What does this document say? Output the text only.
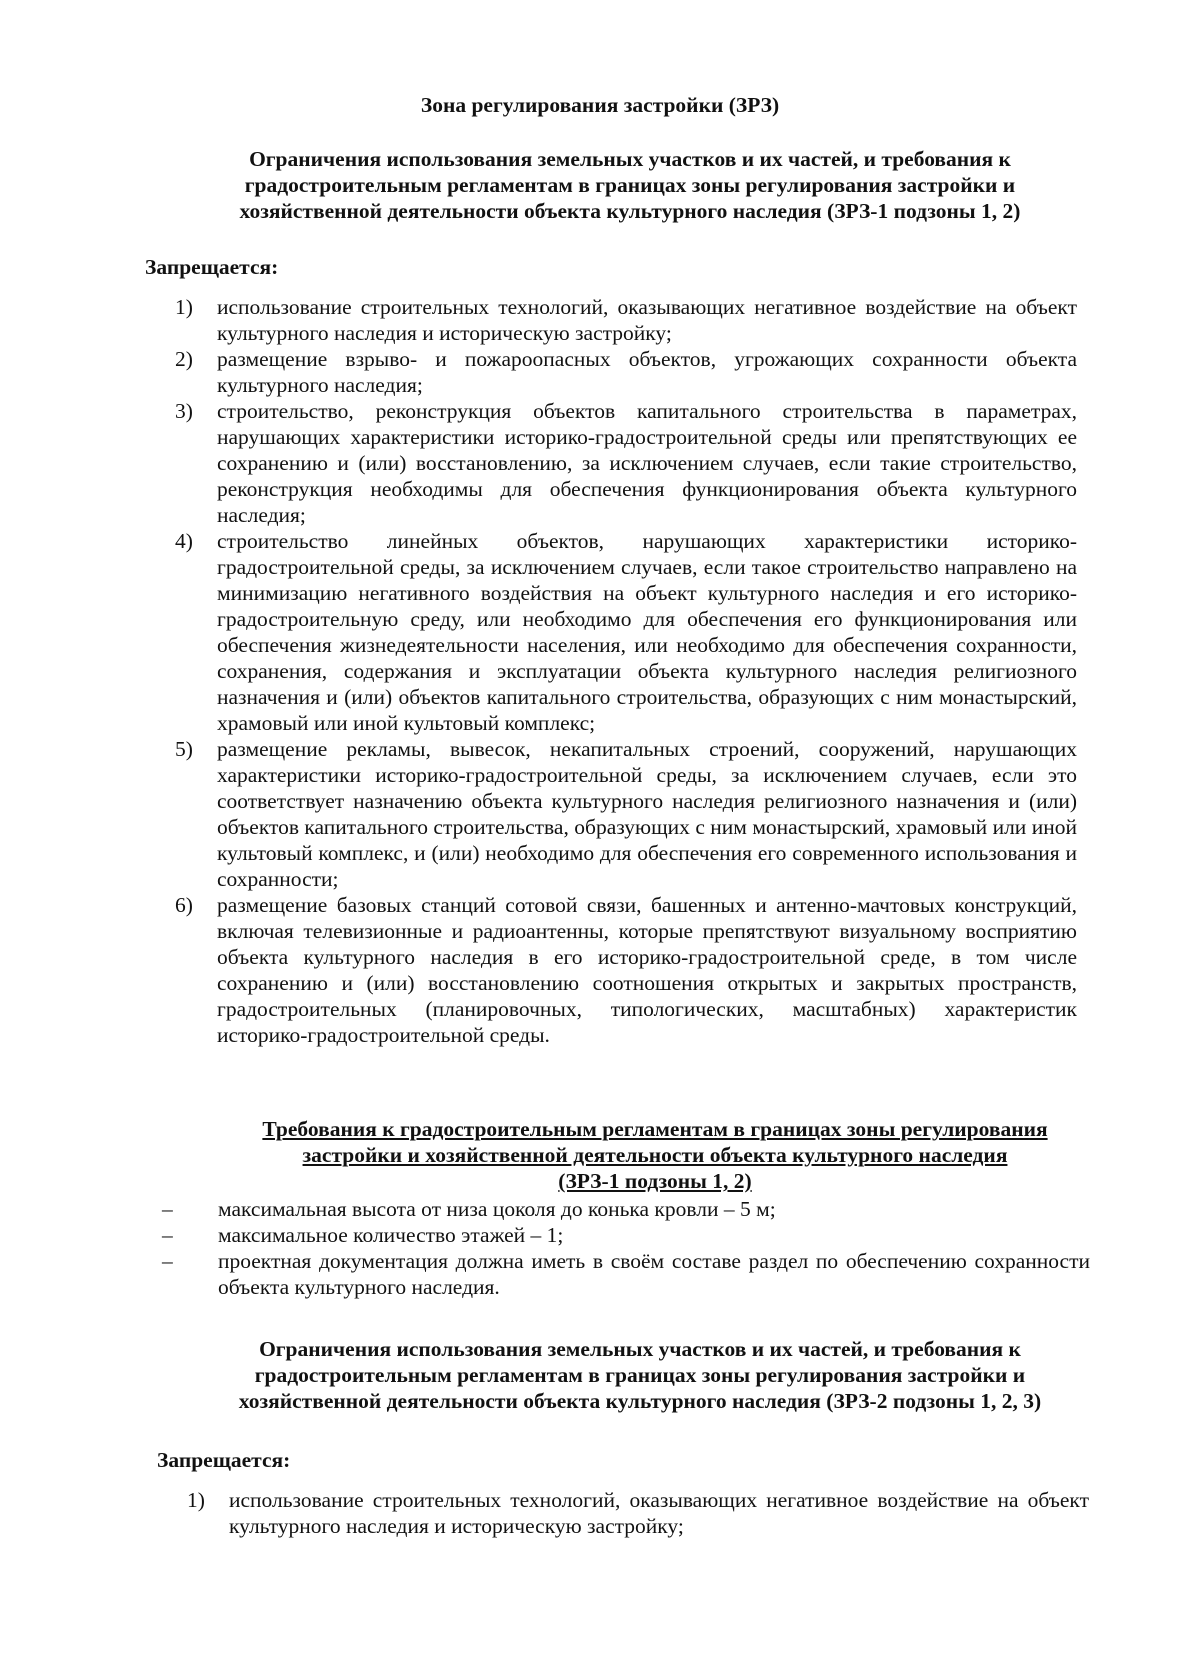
Зона регулирования застройки (ЗРЗ)
Ограничения использования земельных участков и их частей, и требования к
градостроительным регламентам в границах зоны регулирования застройки и
хозяйственной деятельности объекта культурного наследия (ЗРЗ-1 подзоны 1, 2)
Запрещается:
1)	использование строительных технологий, оказывающих негативное воздействие на объект культурного наследия и историческую застройку;
2)	размещение взрыво- и пожароопасных объектов, угрожающих сохранности объекта культурного наследия;
3)	строительство, реконструкция объектов капитального строительства в параметрах, нарушающих характеристики историко-градостроительной среды или препятствующих ее сохранению и (или) восстановлению, за исключением случаев, если такие строительство, реконструкция необходимы для обеспечения функционирования объекта культурного наследия;
4)	строительство линейных объектов, нарушающих характеристики историко-градостроительной среды, за исключением случаев, если такое строительство направлено на минимизацию негативного воздействия на объект культурного наследия и его историко-градостроительную среду, или необходимо для обеспечения его функционирования или обеспечения жизнедеятельности населения, или необходимо для обеспечения сохранности, сохранения, содержания и эксплуатации объекта культурного наследия религиозного назначения и (или) объектов капитального строительства, образующих с ним монастырский, храмовый или иной культовый комплекс;
5)	размещение рекламы, вывесок, некапитальных строений, сооружений, нарушающих характеристики историко-градостроительной среды, за исключением случаев, если это соответствует назначению объекта культурного наследия религиозного назначения и (или) объектов капитального строительства, образующих с ним монастырский, храмовый или иной культовый комплекс, и (или) необходимо для обеспечения его современного использования и сохранности;
6)	размещение базовых станций сотовой связи, башенных и антенно-мачтовых конструкций, включая телевизионные и радиоантенны, которые препятствуют визуальному восприятию объекта культурного наследия в его историко-градостроительной среде, в том числе сохранению и (или) восстановлению соотношения открытых и закрытых пространств, градостроительных (планировочных, типологических, масштабных) характеристик историко-градостроительной среды.
Требования к градостроительным регламентам в границах зоны регулирования
застройки и хозяйственной деятельности объекта культурного наследия
(ЗРЗ-1 подзоны 1, 2)
–	максимальная высота от низа цоколя до конька кровли – 5 м;
–	максимальное количество этажей – 1;
–	проектная документация должна иметь в своём составе раздел по обеспечению сохранности объекта культурного наследия.
Ограничения использования земельных участков и их частей, и требования к
градостроительным регламентам в границах зоны регулирования застройки и
хозяйственной деятельности объекта культурного наследия (ЗРЗ-2 подзоны 1, 2, 3)
Запрещается:
1)	использование строительных технологий, оказывающих негативное воздействие на объект культурного наследия и историческую застройку;
